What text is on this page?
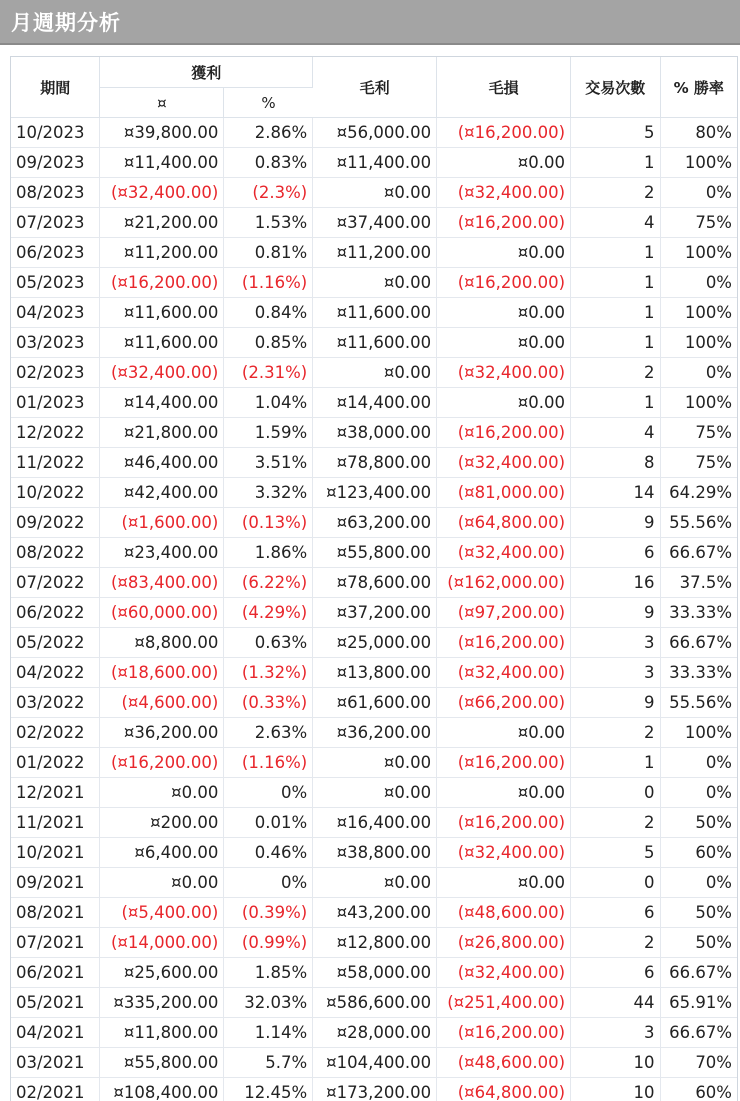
月週期分析
期間	獲利		毛利	毛損	交易次數	% 勝率
	¤	%				
10/2023	¤39,800.00	2.86%	¤56,000.00	(¤16,200.00)	5	80%
09/2023	¤11,400.00	0.83%	¤11,400.00	¤0.00	1	100%
08/2023	(¤32,400.00)	(2.3%)	¤0.00	(¤32,400.00)	2	0%
07/2023	¤21,200.00	1.53%	¤37,400.00	(¤16,200.00)	4	75%
06/2023	¤11,200.00	0.81%	¤11,200.00	¤0.00	1	100%
05/2023	(¤16,200.00)	(1.16%)	¤0.00	(¤16,200.00)	1	0%
04/2023	¤11,600.00	0.84%	¤11,600.00	¤0.00	1	100%
03/2023	¤11,600.00	0.85%	¤11,600.00	¤0.00	1	100%
02/2023	(¤32,400.00)	(2.31%)	¤0.00	(¤32,400.00)	2	0%
01/2023	¤14,400.00	1.04%	¤14,400.00	¤0.00	1	100%
12/2022	¤21,800.00	1.59%	¤38,000.00	(¤16,200.00)	4	75%
11/2022	¤46,400.00	3.51%	¤78,800.00	(¤32,400.00)	8	75%
10/2022	¤42,400.00	3.32%	¤123,400.00	(¤81,000.00)	14	64.29%
09/2022	(¤1,600.00)	(0.13%)	¤63,200.00	(¤64,800.00)	9	55.56%
08/2022	¤23,400.00	1.86%	¤55,800.00	(¤32,400.00)	6	66.67%
07/2022	(¤83,400.00)	(6.22%)	¤78,600.00	(¤162,000.00)	16	37.5%
06/2022	(¤60,000.00)	(4.29%)	¤37,200.00	(¤97,200.00)	9	33.33%
05/2022	¤8,800.00	0.63%	¤25,000.00	(¤16,200.00)	3	66.67%
04/2022	(¤18,600.00)	(1.32%)	¤13,800.00	(¤32,400.00)	3	33.33%
03/2022	(¤4,600.00)	(0.33%)	¤61,600.00	(¤66,200.00)	9	55.56%
02/2022	¤36,200.00	2.63%	¤36,200.00	¤0.00	2	100%
01/2022	(¤16,200.00)	(1.16%)	¤0.00	(¤16,200.00)	1	0%
12/2021	¤0.00	0%	¤0.00	¤0.00	0	0%
11/2021	¤200.00	0.01%	¤16,400.00	(¤16,200.00)	2	50%
10/2021	¤6,400.00	0.46%	¤38,800.00	(¤32,400.00)	5	60%
09/2021	¤0.00	0%	¤0.00	¤0.00	0	0%
08/2021	(¤5,400.00)	(0.39%)	¤43,200.00	(¤48,600.00)	6	50%
07/2021	(¤14,000.00)	(0.99%)	¤12,800.00	(¤26,800.00)	2	50%
06/2021	¤25,600.00	1.85%	¤58,000.00	(¤32,400.00)	6	66.67%
05/2021	¤335,200.00	32.03%	¤586,600.00	(¤251,400.00)	44	65.91%
04/2021	¤11,800.00	1.14%	¤28,000.00	(¤16,200.00)	3	66.67%
03/2021	¤55,800.00	5.7%	¤104,400.00	(¤48,600.00)	10	70%
02/2021	¤108,400.00	12.45%	¤173,200.00	(¤64,800.00)	10	60%
